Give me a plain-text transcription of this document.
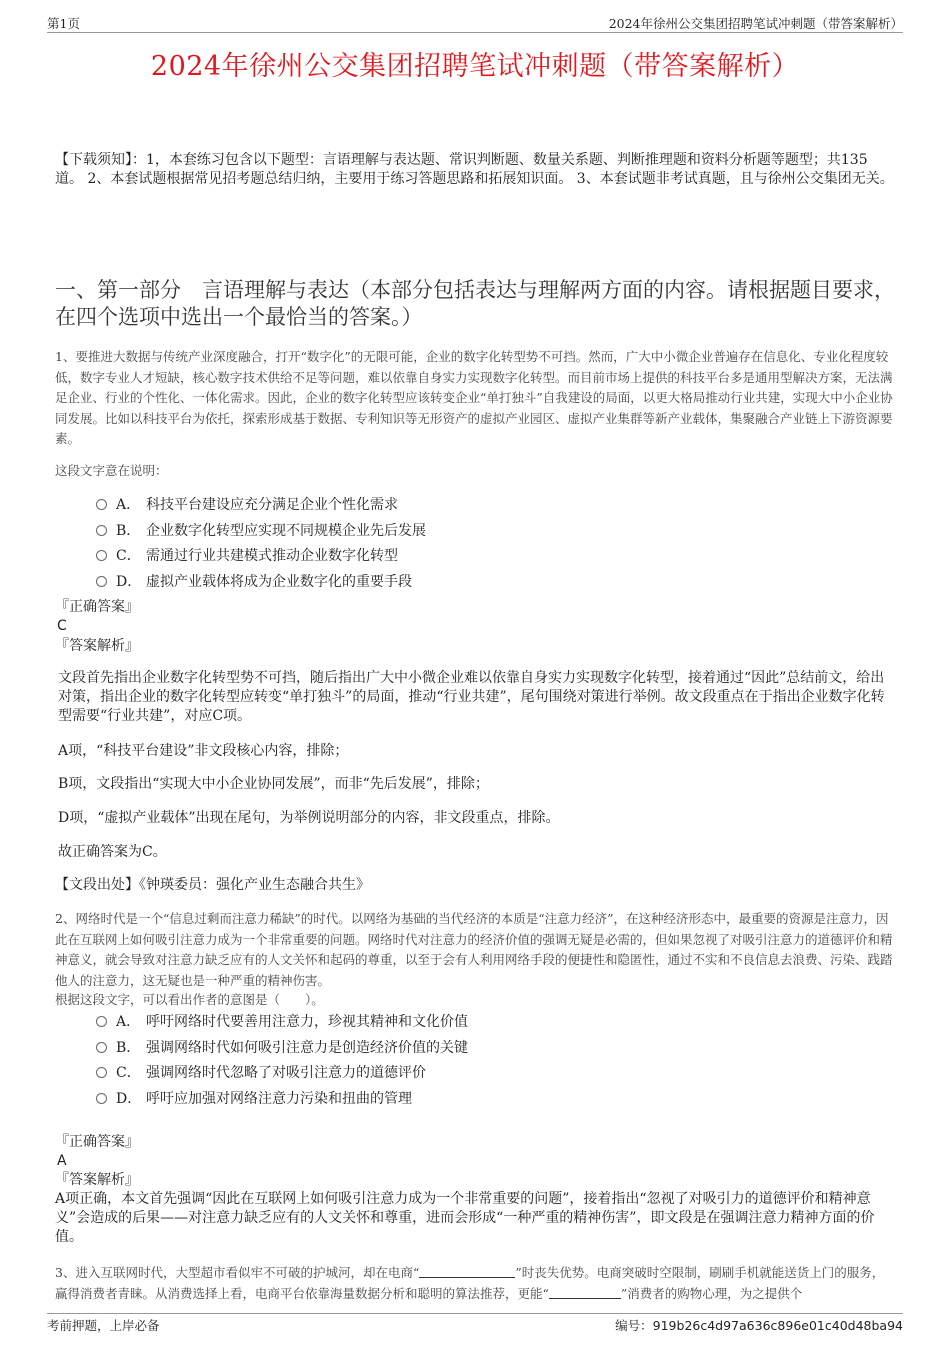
第1页	2024年徐州公交集团招聘笔试冲刺题（带答案解析）
2024年徐州公交集团招聘笔试冲刺题（带答案解析）

【下载须知】：1，本套练习包含以下题型：言语理解与表达题、常识判断题、数量关系题、判断推理题和资料分析题等题型；共135道。 2、本套试题根据常见招考题总结归纳，主要用于练习答题思路和拓展知识面。 3、本套试题非考试真题，且与徐州公交集团无关。

一、第一部分　言语理解与表达（本部分包括表达与理解两方面的内容。请根据题目要求，在四个选项中选出一个最恰当的答案。）

1、要推进大数据与传统产业深度融合，打开“数字化”的无限可能，企业的数字化转型势不可挡。然而，广大中小微企业普遍存在信息化、专业化程度较低，数字专业人才短缺，核心数字技术供给不足等问题，难以依靠自身实力实现数字化转型。而目前市场上提供的科技平台多是通用型解决方案，无法满足企业、行业的个性化、一体化需求。因此，企业的数字化转型应该转变企业“单打独斗”自我建设的局面，以更大格局推动行业共建，实现大中小企业协同发展。比如以科技平台为依托，探索形成基于数据、专利知识等无形资产的虚拟产业园区、虚拟产业集群等新产业载体，集聚融合产业链上下游资源要素。

这段文字意在说明：

A． 科技平台建设应充分满足企业个性化需求
B． 企业数字化转型应实现不同规模企业先后发展
C． 需通过行业共建模式推动企业数字化转型
D． 虚拟产业载体将成为企业数字化的重要手段
『正确答案』
C
『答案解析』

文段首先指出企业数字化转型势不可挡，随后指出广大中小微企业难以依靠自身实力实现数字化转型，接着通过“因此”总结前文，给出对策，指出企业的数字化转型应转变“单打独斗”的局面，推动“行业共建”，尾句围绕对策进行举例。故文段重点在于指出企业数字化转型需要“行业共建”，对应C项。

A项，“科技平台建设”非文段核心内容，排除；

B项，文段指出“实现大中小企业协同发展”，而非“先后发展”，排除；

D项，“虚拟产业载体”出现在尾句，为举例说明部分的内容，非文段重点，排除。

故正确答案为C。

【文段出处】《钟瑛委员：强化产业生态融合共生》

2、网络时代是一个“信息过剩而注意力稀缺”的时代。以网络为基础的当代经济的本质是“注意力经济”，在这种经济形态中，最重要的资源是注意力，因此在互联网上如何吸引注意力成为一个非常重要的问题。网络时代对注意力的经济价值的强调无疑是必需的，但如果忽视了对吸引注意力的道德评价和精神意义，就会导致对注意力缺乏应有的人文关怀和起码的尊重，以至于会有人利用网络手段的便捷性和隐匿性，通过不实和不良信息去浪费、污染、践踏他人的注意力，这无疑也是一种严重的精神伤害。

根据这段文字，可以看出作者的意图是（　　）。

A． 呼吁网络时代要善用注意力，珍视其精神和文化价值
B． 强调网络时代如何吸引注意力是创造经济价值的关键
C． 强调网络时代忽略了对吸引注意力的道德评价
D． 呼吁应加强对网络注意力污染和扭曲的管理
『正确答案』
A
『答案解析』

A项正确，本文首先强调“因此在互联网上如何吸引注意力成为一个非常重要的问题”，接着指出“忽视了对吸引力的道德评价和精神意义”会造成的后果——对注意力缺乏应有的人文关怀和尊重，进而会形成“一种严重的精神伤害”，即文段是在强调注意力精神方面的价值。

3、进入互联网时代，大型超市看似牢不可破的护城河，却在电商“	”时丧失优势。电商突破时空限制，刷刷手机就能送货上门的服务，赢得消费者青睐。从消费选择上看，电商平台依靠海量数据分析和聪明的算法推荐，更能“	”消费者的购物心理，为之提供个

考前押题，上岸必备	编号：919b26c4d97a636c896e01c40d48ba94
